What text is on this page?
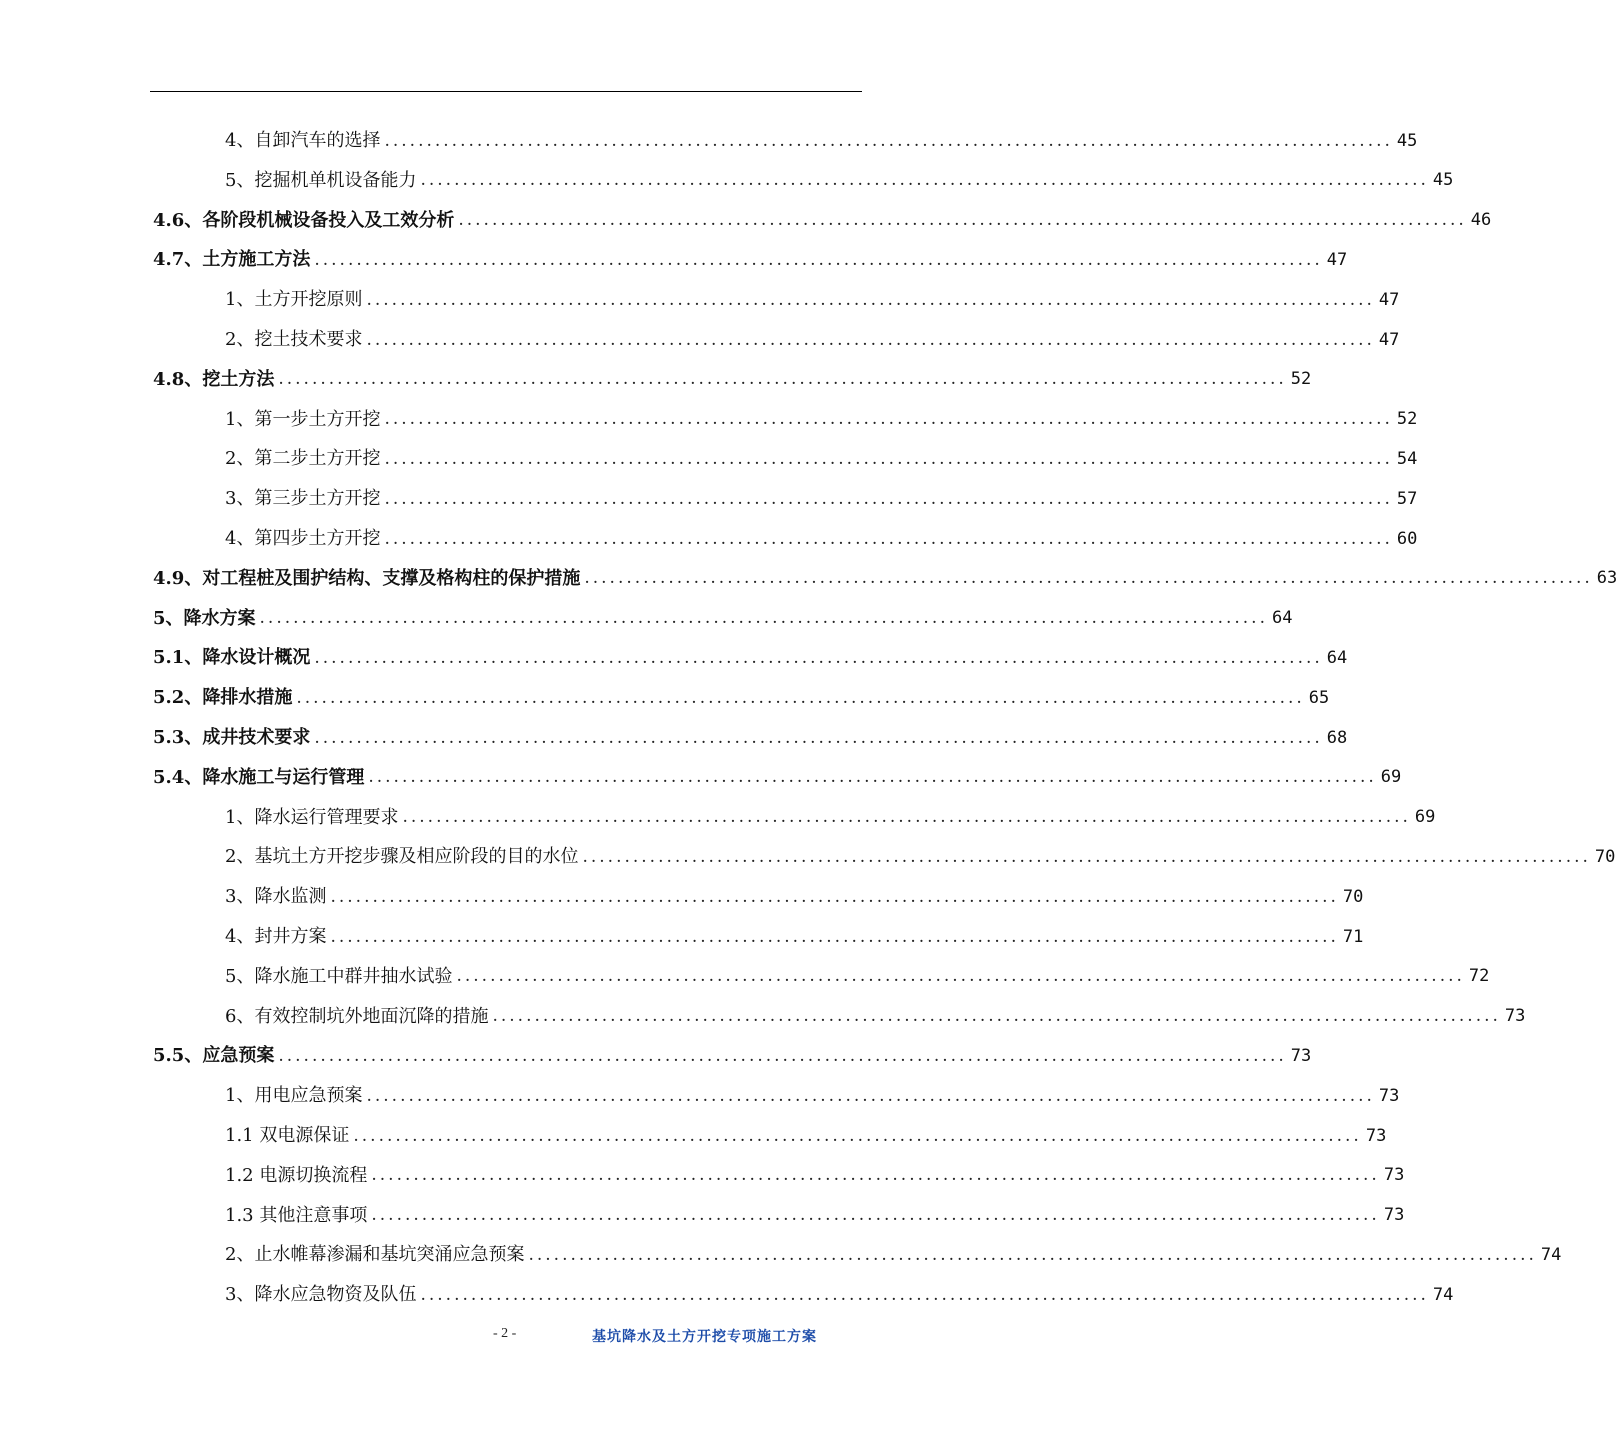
4、自卸汽车的选择 ........................................................................................................................ 45
5、挖掘机单机设备能力 ........................................................................................................................ 45
4.6、各阶段机械设备投入及工效分析 ........................................................................................................................ 46
4.7、土方施工方法 ........................................................................................................................ 47
1、土方开挖原则 ........................................................................................................................ 47
2、挖土技术要求 ........................................................................................................................ 47
4.8、挖土方法 ........................................................................................................................ 52
1、第一步土方开挖 ........................................................................................................................ 52
2、第二步土方开挖 ........................................................................................................................ 54
3、第三步土方开挖 ........................................................................................................................ 57
4、第四步土方开挖 ........................................................................................................................ 60
4.9、对工程桩及围护结构、支撑及格构柱的保护措施 ........................................................................................................................ 63
5、降水方案 ........................................................................................................................ 64
5.1、降水设计概况 ........................................................................................................................ 64
5.2、降排水措施 ........................................................................................................................ 65
5.3、成井技术要求 ........................................................................................................................ 68
5.4、降水施工与运行管理 ........................................................................................................................ 69
1、降水运行管理要求 ........................................................................................................................ 69
2、基坑土方开挖步骤及相应阶段的目的水位 ........................................................................................................................ 70
3、降水监测 ........................................................................................................................ 70
4、封井方案 ........................................................................................................................ 71
5、降水施工中群井抽水试验 ........................................................................................................................ 72
6、有效控制坑外地面沉降的措施 ........................................................................................................................ 73
5.5、应急预案 ........................................................................................................................ 73
1、用电应急预案 ........................................................................................................................ 73
1.1 双电源保证 ........................................................................................................................ 73
1.2 电源切换流程 ........................................................................................................................ 73
1.3 其他注意事项 ........................................................................................................................ 73
2、止水帷幕渗漏和基坑突涌应急预案 ........................................................................................................................ 74
3、降水应急物资及队伍 ........................................................................................................................ 74
- 2 -	基坑降水及土方开挖专项施工方案
